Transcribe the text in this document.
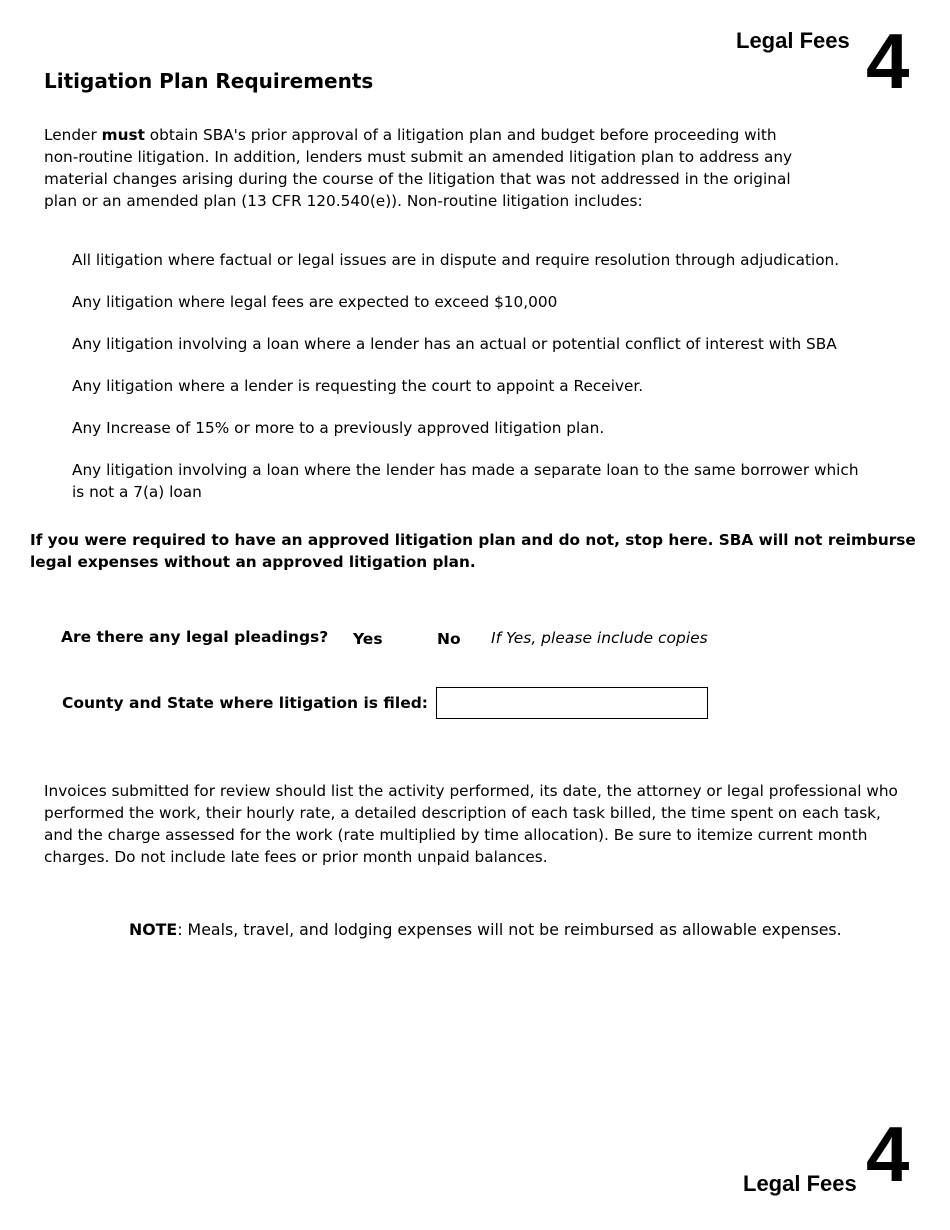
Legal Fees 4
Litigation Plan Requirements
Lender must obtain SBA's prior approval of a litigation plan and budget before proceeding with non-routine litigation. In addition, lenders must submit an amended litigation plan to address any material changes arising during the course of the litigation that was not addressed in the original plan or an amended plan (13 CFR 120.540(e)). Non-routine litigation includes:
All litigation where factual or legal issues are in dispute and require resolution through adjudication.
Any litigation where legal fees are expected to exceed $10,000
Any litigation involving a loan where a lender has an actual or potential conflict of interest with SBA
Any litigation where a lender is requesting the court to appoint a Receiver.
Any Increase of 15% or more to a previously approved litigation plan.
Any litigation involving a loan where the lender has made a separate loan to the same borrower which is not a 7(a) loan
If you were required to have an approved litigation plan and do not, stop here. SBA will not reimburse legal expenses without an approved litigation plan.
Are there any legal pleadings? Yes	No If Yes, please include copies
County and State where litigation is filed:
Invoices submitted for review should list the activity performed, its date, the attorney or legal professional who performed the work, their hourly rate, a detailed description of each task billed, the time spent on each task, and the charge assessed for the work (rate multiplied by time allocation). Be sure to itemize current month charges. Do not include late fees or prior month unpaid balances.
NOTE: Meals, travel, and lodging expenses will not be reimbursed as allowable expenses.
Legal Fees 4
